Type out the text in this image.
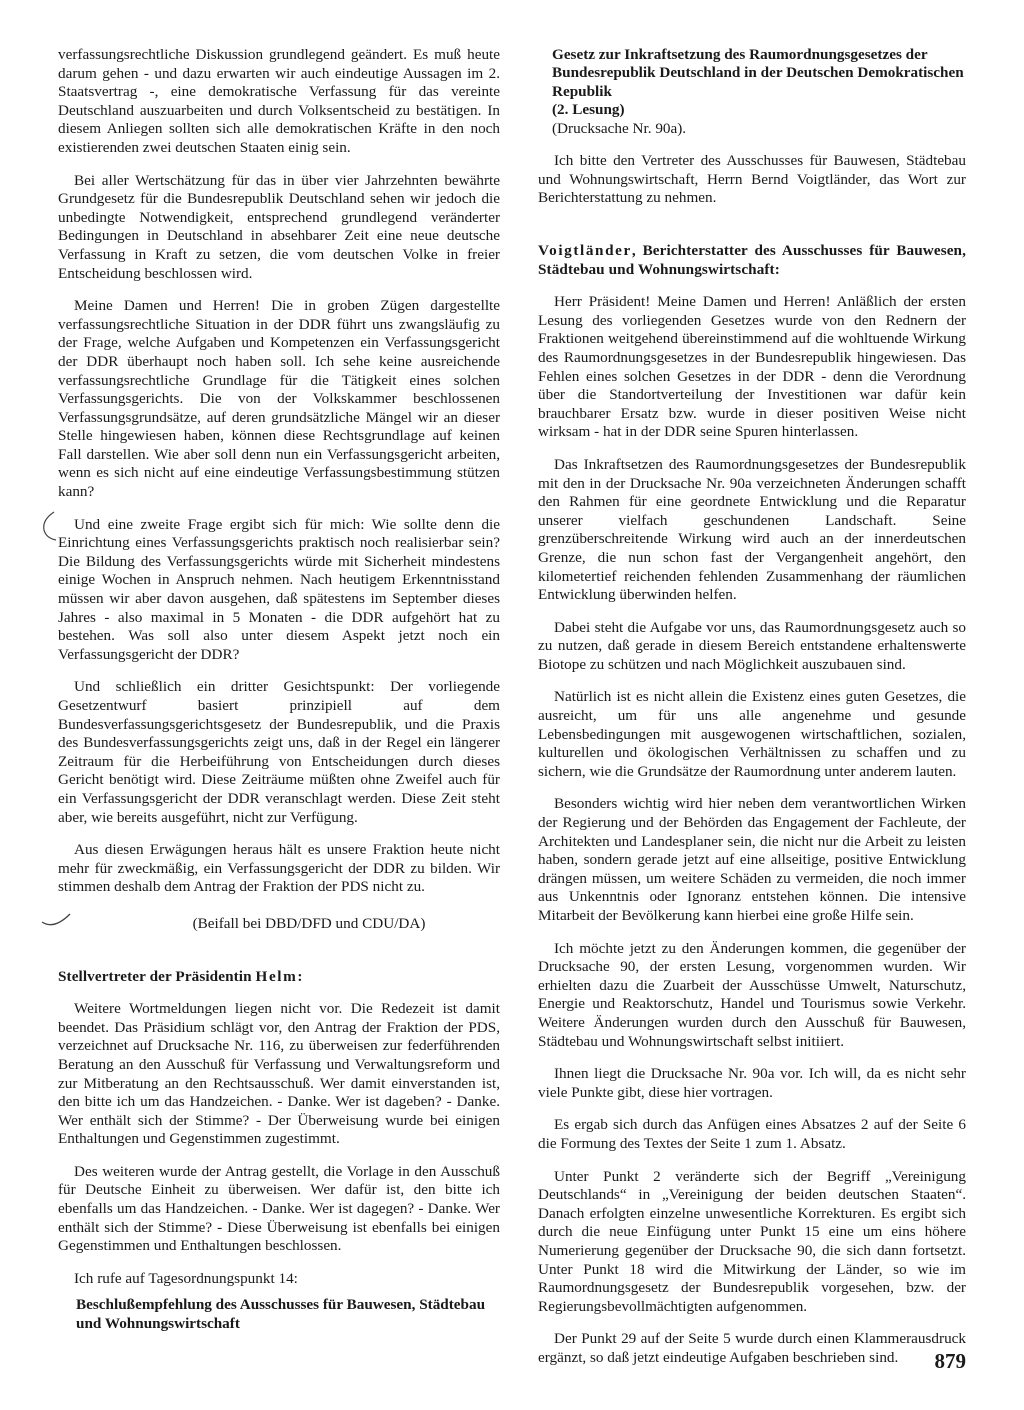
verfassungsrechtliche Diskussion grundlegend geändert. Es muß heute darum gehen - und dazu erwarten wir auch eindeutige Aussagen im 2. Staatsvertrag -, eine demokratische Verfassung für das vereinte Deutschland auszuarbeiten und durch Volksentscheid zu bestätigen. In diesem Anliegen sollten sich alle demokratischen Kräfte in den noch existierenden zwei deutschen Staaten einig sein.

Bei aller Wertschätzung für das in über vier Jahrzehnten bewährte Grundgesetz für die Bundesrepublik Deutschland sehen wir jedoch die unbedingte Notwendigkeit, entsprechend grundlegend veränderter Bedingungen in Deutschland in absehbarer Zeit eine neue deutsche Verfassung in Kraft zu setzen, die vom deutschen Volke in freier Entscheidung beschlossen wird.

Meine Damen und Herren! Die in groben Zügen dargestellte verfassungsrechtliche Situation in der DDR führt uns zwangsläufig zu der Frage, welche Aufgaben und Kompetenzen ein Verfassungsgericht der DDR überhaupt noch haben soll. Ich sehe keine ausreichende verfassungsrechtliche Grundlage für die Tätigkeit eines solchen Verfassungsgerichts. Die von der Volkskammer beschlossenen Verfassungsgrundsätze, auf deren grundsätzliche Mängel wir an dieser Stelle hingewiesen haben, können diese Rechtsgrundlage auf keinen Fall darstellen. Wie aber soll denn nun ein Verfassungsgericht arbeiten, wenn es sich nicht auf eine eindeutige Verfassungsbestimmung stützen kann?

Und eine zweite Frage ergibt sich für mich: Wie sollte denn die Einrichtung eines Verfassungsgerichts praktisch noch realisierbar sein? Die Bildung des Verfassungsgerichts würde mit Sicherheit mindestens einige Wochen in Anspruch nehmen. Nach heutigem Erkenntnisstand müssen wir aber davon ausgehen, daß spätestens im September dieses Jahres - also maximal in 5 Monaten - die DDR aufgehört hat zu bestehen. Was soll also unter diesem Aspekt jetzt noch ein Verfassungsgericht der DDR?

Und schließlich ein dritter Gesichtspunkt: Der vorliegende Gesetzentwurf basiert prinzipiell auf dem Bundesverfassungsgerichtsgesetz der Bundesrepublik, und die Praxis des Bundesverfassungsgerichts zeigt uns, daß in der Regel ein längerer Zeitraum für die Herbeiführung von Entscheidungen durch dieses Gericht benötigt wird. Diese Zeiträume müßten ohne Zweifel auch für ein Verfassungsgericht der DDR veranschlagt werden. Diese Zeit steht aber, wie bereits ausgeführt, nicht zur Verfügung.

Aus diesen Erwägungen heraus hält es unsere Fraktion heute nicht mehr für zweckmäßig, ein Verfassungsgericht der DDR zu bilden. Wir stimmen deshalb dem Antrag der Fraktion der PDS nicht zu.

(Beifall bei DBD/DFD und CDU/DA)

Stellvertreter der Präsidentin Helm:

Weitere Wortmeldungen liegen nicht vor. Die Redezeit ist damit beendet. Das Präsidium schlägt vor, den Antrag der Fraktion der PDS, verzeichnet auf Drucksache Nr. 116, zu überweisen zur federführenden Beratung an den Ausschuß für Verfassung und Verwaltungsreform und zur Mitberatung an den Rechtsausschuß. Wer damit einverstanden ist, den bitte ich um das Handzeichen. - Danke. Wer ist dageben? - Danke. Wer enthält sich der Stimme? - Der Überweisung wurde bei einigen Enthaltungen und Gegenstimmen zugestimmt.

Des weiteren wurde der Antrag gestellt, die Vorlage in den Ausschuß für Deutsche Einheit zu überweisen. Wer dafür ist, den bitte ich ebenfalls um das Handzeichen. - Danke. Wer ist dagegen? - Danke. Wer enthält sich der Stimme? - Diese Überweisung ist ebenfalls bei einigen Gegenstimmen und Enthaltungen beschlossen.

Ich rufe auf Tagesordnungspunkt 14:

Beschlußempfehlung des Ausschusses für Bauwesen, Städtebau und Wohnungswirtschaft

Gesetz zur Inkraftsetzung des Raumordnungsgesetzes der Bundesrepublik Deutschland in der Deutschen Demokratischen Republik

(2. Lesung)

(Drucksache Nr. 90a).

Ich bitte den Vertreter des Ausschusses für Bauwesen, Städtebau und Wohnungswirtschaft, Herrn Bernd Voigtländer, das Wort zur Berichterstattung zu nehmen.

Voigtländer, Berichterstatter des Ausschusses für Bauwesen, Städtebau und Wohnungswirtschaft:

Herr Präsident! Meine Damen und Herren! Anläßlich der ersten Lesung des vorliegenden Gesetzes wurde von den Rednern der Fraktionen weitgehend übereinstimmend auf die wohltuende Wirkung des Raumordnungsgesetzes in der Bundesrepublik hingewiesen. Das Fehlen eines solchen Gesetzes in der DDR - denn die Verordnung über die Standortverteilung der Investitionen war dafür kein brauchbarer Ersatz bzw. wurde in dieser positiven Weise nicht wirksam - hat in der DDR seine Spuren hinterlassen.

Das Inkraftsetzen des Raumordnungsgesetzes der Bundesrepublik mit den in der Drucksache Nr. 90a verzeichneten Änderungen schafft den Rahmen für eine geordnete Entwicklung und die Reparatur unserer vielfach geschundenen Landschaft. Seine grenzüberschreitende Wirkung wird auch an der innerdeutschen Grenze, die nun schon fast der Vergangenheit angehört, den kilometertief reichenden fehlenden Zusammenhang der räumlichen Entwicklung überwinden helfen.

Dabei steht die Aufgabe vor uns, das Raumordnungsgesetz auch so zu nutzen, daß gerade in diesem Bereich entstandene erhaltenswerte Biotope zu schützen und nach Möglichkeit auszubauen sind.

Natürlich ist es nicht allein die Existenz eines guten Gesetzes, die ausreicht, um für uns alle angenehme und gesunde Lebensbedingungen mit ausgewogenen wirtschaftlichen, sozialen, kulturellen und ökologischen Verhältnissen zu schaffen und zu sichern, wie die Grundsätze der Raumordnung unter anderem lauten.

Besonders wichtig wird hier neben dem verantwortlichen Wirken der Regierung und der Behörden das Engagement der Fachleute, der Architekten und Landesplaner sein, die nicht nur die Arbeit zu leisten haben, sondern gerade jetzt auf eine allseitige, positive Entwicklung drängen müssen, um weitere Schäden zu vermeiden, die noch immer aus Unkenntnis oder Ignoranz entstehen können. Die intensive Mitarbeit der Bevölkerung kann hierbei eine große Hilfe sein.

Ich möchte jetzt zu den Änderungen kommen, die gegenüber der Drucksache 90, der ersten Lesung, vorgenommen wurden. Wir erhielten dazu die Zuarbeit der Ausschüsse Umwelt, Naturschutz, Energie und Reaktorschutz, Handel und Tourismus sowie Verkehr. Weitere Änderungen wurden durch den Ausschuß für Bauwesen, Städtebau und Wohnungswirtschaft selbst initiiert.

Ihnen liegt die Drucksache Nr. 90a vor. Ich will, da es nicht sehr viele Punkte gibt, diese hier vortragen.

Es ergab sich durch das Anfügen eines Absatzes 2 auf der Seite 6 die Formung des Textes der Seite 1 zum 1. Absatz.

Unter Punkt 2 veränderte sich der Begriff „Vereinigung Deutschlands“ in „Vereinigung der beiden deutschen Staaten“. Danach erfolgten einzelne unwesentliche Korrekturen. Es ergibt sich durch die neue Einfügung unter Punkt 15 eine um eins höhere Numerierung gegenüber der Drucksache 90, die sich dann fortsetzt. Unter Punkt 18 wird die Mitwirkung der Länder, so wie im Raumordnungsgesetz der Bundesrepublik vorgesehen, bzw. der Regierungsbevollmächtigten aufgenommen.

Der Punkt 29 auf der Seite 5 wurde durch einen Klammerausdruck ergänzt, so daß jetzt eindeutige Aufgaben beschrieben sind.	879
